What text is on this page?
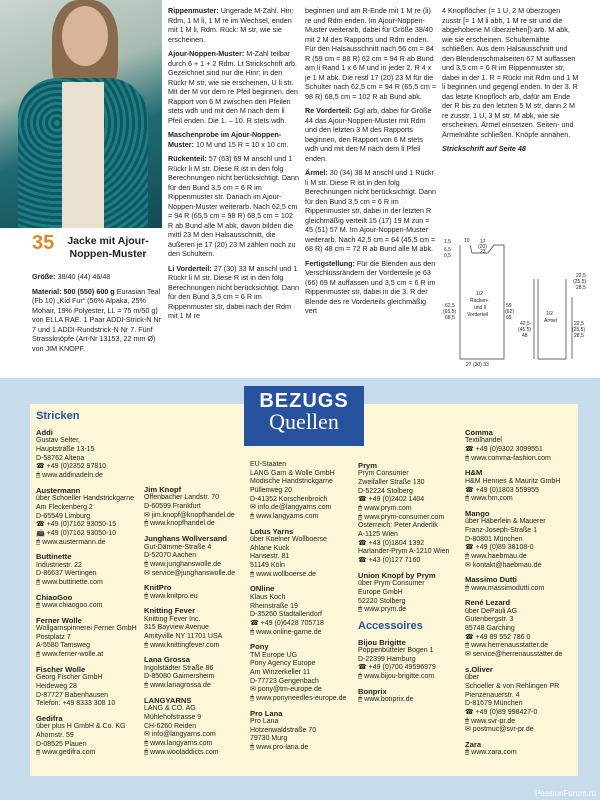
35	Jacke mit Ajour-Noppen-Muster

Größe: 38/40 (44) 46/48

Material: 500 (550) 600 g Eurasian Teal (Fb 10) „Kid Fur“ (56% Alpaka, 25% Mohair, 19% Polyester, LL = 75 m/50 g) von ELLA RAE. 1 Paar ADDI-Strick-N Nr 7 und 1 ADDI-Rundstrick-N Nr 7. Fünf Strassknöpfe (Art-Nr 13153, 22 mm Ø) von JIM KNOPF.

Rippenmuster: Ungerade M-Zahl. Hin: Rdm, 1 M li, 1 M re im Wechsel, enden mit 1 M li, Rdm. Rück: M str, wie sie erscheinen.

Ajour-Noppen-Muster: M-Zahl teilbar durch 6 + 1 + 2 Rdm. Lt Strickschrift arb. Gezeichnet sind nur die Hinr; in den Rückr M str, wie sie erscheinen, U li str. Mit der M vor dem re Pfeil beginnen, den Rapport von 6 M zwischen den Pfeilen stets wdh und mit den M nach dem li Pfeil enden. Die 1. – 10. R stets wdh.

Maschenprobe im Ajour-Noppen-Muster: 10 M und 15 R = 10 x 10 cm.

Rückenteil: 57 (63) 69 M anschl und 1 Rückr li M str. Diese R ist in den folg Berechnungen nicht berücksichtigt. Dann für den Bund 3,5 cm = 6 R im Rippenmuster str. Danach im Ajour-Noppen-Muster weiterarb. Nach 62,5 cm = 94 R (65,5 cm = 98 R) 68,5 cm = 102 R ab Bund alle M abk, davon bilden die mittl 23 M den Halsausschnitt, die äußeren je 17 (20) 23 M zählen noch zu den Schultern.

Li Vorderteil: 27 (30) 33 M anschl und 1 Rückr li M str. Diese R ist in den folg Berechnungen nicht berücksichtigt. Dann für den Bund 3,5 cm = 6 R im Rippenmuster str, dabei nach der Rdm mit 1 M re

beginnen und am R-Ende mit 1 M re (li) re und Rdm enden. Im Ajour-Noppen-Muster weiterarb, dabei für Größe 38/40 mit 2 M des Rapports und Rdm enden. Für den Halsausschnitt nach 56 cm = 84 R (59 cm = 88 R) 62 cm = 94 R ab Bund am li Rand 1 x 6 M und in jeder 2. R 4 x je 1 M abk. Die restl 17 (20) 23 M für die Schulter nach 62,5 cm = 94 R (65,5 cm = 98 R) 68,5 cm = 102 R ab Bund abk.

Re Vorderteil: Ggl arb, dabei für Größe 44 das Ajour-Noppen-Muster mit Rdm und den letzten 3 M des Rapports beginnen, den Rapport von 6 M stets wdh und mit den M nach dem li Pfeil enden.

Ärmel: 30 (34) 38 M anschl und 1 Rückr li M str. Diese R ist in den folg Berechnungen nicht berücksichtigt. Dann für den Bund 3,5 cm = 6 R im Rippenmuster str, dabei in der letzten R gleichmäßig verteilt 15 (17) 19 M zun = 45 (51) 57 M. Im Ajour-Noppen-Muster weiterarb. Nach 42,5 cm = 64 (45,5 cm = 68 R) 48 cm = 72 R ab Bund alle M abk.

Fertigstellung: Für die Blenden aus den Verschlussrändern der Vorderteile je 63 (66) 69 M auffassen und 3,5 cm = 6 R im Rippenmuster str, dabei in die 3. R der Blende des re Vorderteils gleichmäßig vert

4 Knopflöcher (= 1 U, 2 M überzogen zusstr [= 1 M li abh, 1 M re str und die abgehobene M überziehen]) arb. M abk, wie sie erscheinen. Schulternähte schließen. Aus dem Halsausschnitt und den Blendenschmalseiten 67 M auffassen und 3,5 cm = 6 R im Rippenmuster str, dabei in der 1. R = Rückr mit Rdm und 1 M li beginnen und gegengl enden. In der 3. R das letzte Knopfloch arb, dafür am Ende der R bis zu den letzten 5 M str, dann 2 M re zusstr, 1 U, 3 M str. M abk, wie sie erscheinen. Ärmel einsetzen. Seiten- und Ärmelnähte schließen. Knöpfe annähen.

Strickschrift auf Seite 48

1/2
Rücken-
und li
Vorderteil	1/2
Ärmel
17
(20)
23
10
1,5
6,5
0,5
62,5
(65,5)
68,5
59
(62)
65
27 (30) 33
22,5
(25,5)
28,5
42,5
(45,5)
48
22,5
(25,5)
28,5
BEZUGS
Quellen
Stricken
Addi
Gustav Selter,
Hauptstraße 13-15
D-58762 Altena
☎ +49 (0)2352 97810
🖱 www.addinadeln.de
Austermann
über Schoeller Handstrickgarne
Am Fleckenberg 2
D-65549 Limburg
☎ +49 (0)7162 93050-15
📠 +49 (0)7162 93050-10
🖱 www.austermann.de
Buttinette
Industriestr. 22
D-86637 Wertingen
🖱 www.buttinette.com
ChiaoGoo
🖱 www.chiaogoo.com
Ferner Wolle
Wollgarnspinnerei Ferner GmbH
Postplatz 7
A-5580 Tamsweg
🖱 www.ferner-wolle.at
Fischer Wolle
Georg Fischer GmbH
Heideweg 28
D-87727 Babenhausen
Telefon: +49 8333 308 10
Gedifra
über plus H GmbH & Co. KG
Ahornstr. 59
D-08525 Plauen
🖱 www.gedifra.com
Jim Knopf
Offenbacher Landstr. 70
D-60599 Frankfurt
✉ jim.knopf@knopfhandel.de
🖱 www.knopfhandel.de
Junghans Wollversand
Gut-Dämme-Straße 4
D-52070 Aachen
🖱 www.junghanswolle.de
✉ service@junghanswolle.de
KnitPro
🖱 www.knitpro.eu
Knitting Fever
Knitting Fever Inc.
315 Bayview Avenue
Amityville NY 11701 USA
🖱 www.knittingfever.com
Lana Grossa
Ingolstädter Straße 86
D-85080 Gaimersheim
🖱 www.lanagrossa.de
LANGYARNS
LANG & CO. AG
Mühlehofstrasse 9
CH-6260 Reiden
✉ info@langyarns.com
🖱 www.langyarns.com
🖱 www.wooladdicts.com
EU-Staaten
LANG Garn & Wolle GmbH
Modische Handstrickgarne
Püllenweg 20
D-41352 Korschenbroich
✉ info.de@langyarns.com
🖱 www.langyarns.com
Lotus Yarns
über Koelner Wollboerse
Ahlane Kuck
Hansestr. 81
51149 Köln
🖱 www.wollboerse.de
ONline
Klaus Koch
Rheinstraße 19
D-35260 Stadtallendorf
☎ +49 (0)6428 705718
🖱 www.online-garne.de
Pony
TM Europe UG
Pony Agency Europe
Am Winzerkeller 11
D-77723 Gengenbach
✉ pony@tm-europe.de
🖱 www.ponyneedles-europe.de
Pro Lana
Pro Lana
Hotzenwaldstraße 70
79730 Murg
🖱 www.pro-lana.de
Prym
Prym Consumer
Zweifaller Straße 130
D-52224 Stolberg
☎ +49 (0)2402 1404
🖱 www.prym.com
🖱 www.prym-consumer.com
Österreich: Peter Anderlik
A-1125 Wien
☎ +43 (0)1804 1392
Harlander-Prym A-1210 Wien
☎ +43 (0)127 7160
Union Knopf by Prym
über Prym Consumer
Europe GmbH
52220 Stolberg
🖱 www.prym.de
Accessoires
Bijou Brigitte
Poppenbütteler Bogen 1
D-22399 Hamburg
☎ +49 (0)700 49596979
🖱 www.bijou-brigitte.com
Bonprix
🖱 www.bonprix.de
Comma
Textilhandel
☎ +49 (0)9302 3099551
🖱 www.comma-fashion.com
H&M
H&M Hennes & Mauritz GmbH
☎ +49 (0)1803 559955
🖱 www.hm.com
Mango
über Häberlein & Mauerer
Franz-Joseph-Straße 1
D-80801 München
☎ +49 (0)89 38108-0
🖱 www.haebmau.de
✉ kontakt@haebmau.de
Massimo Dutti
🖱 www.massimodutti.com
René Lezard
über DePauli AG
Gutenbergstr. 3
85748 Garching
☎ +49 89 552 786 0
🖱 www.herrenausstatter.de
✉ service@herrenausstatter.de
s.Oliver
über
Schoeller & von Rehlingen PR
Pienzenauerstr. 4
D-81679 München
☎ +49 (0)89 998427-0
🖱 www.svr-pr.de
✉ postmuc@svr-pr.de
Zara
🖱 www.zara.com
PassionForum.ru
